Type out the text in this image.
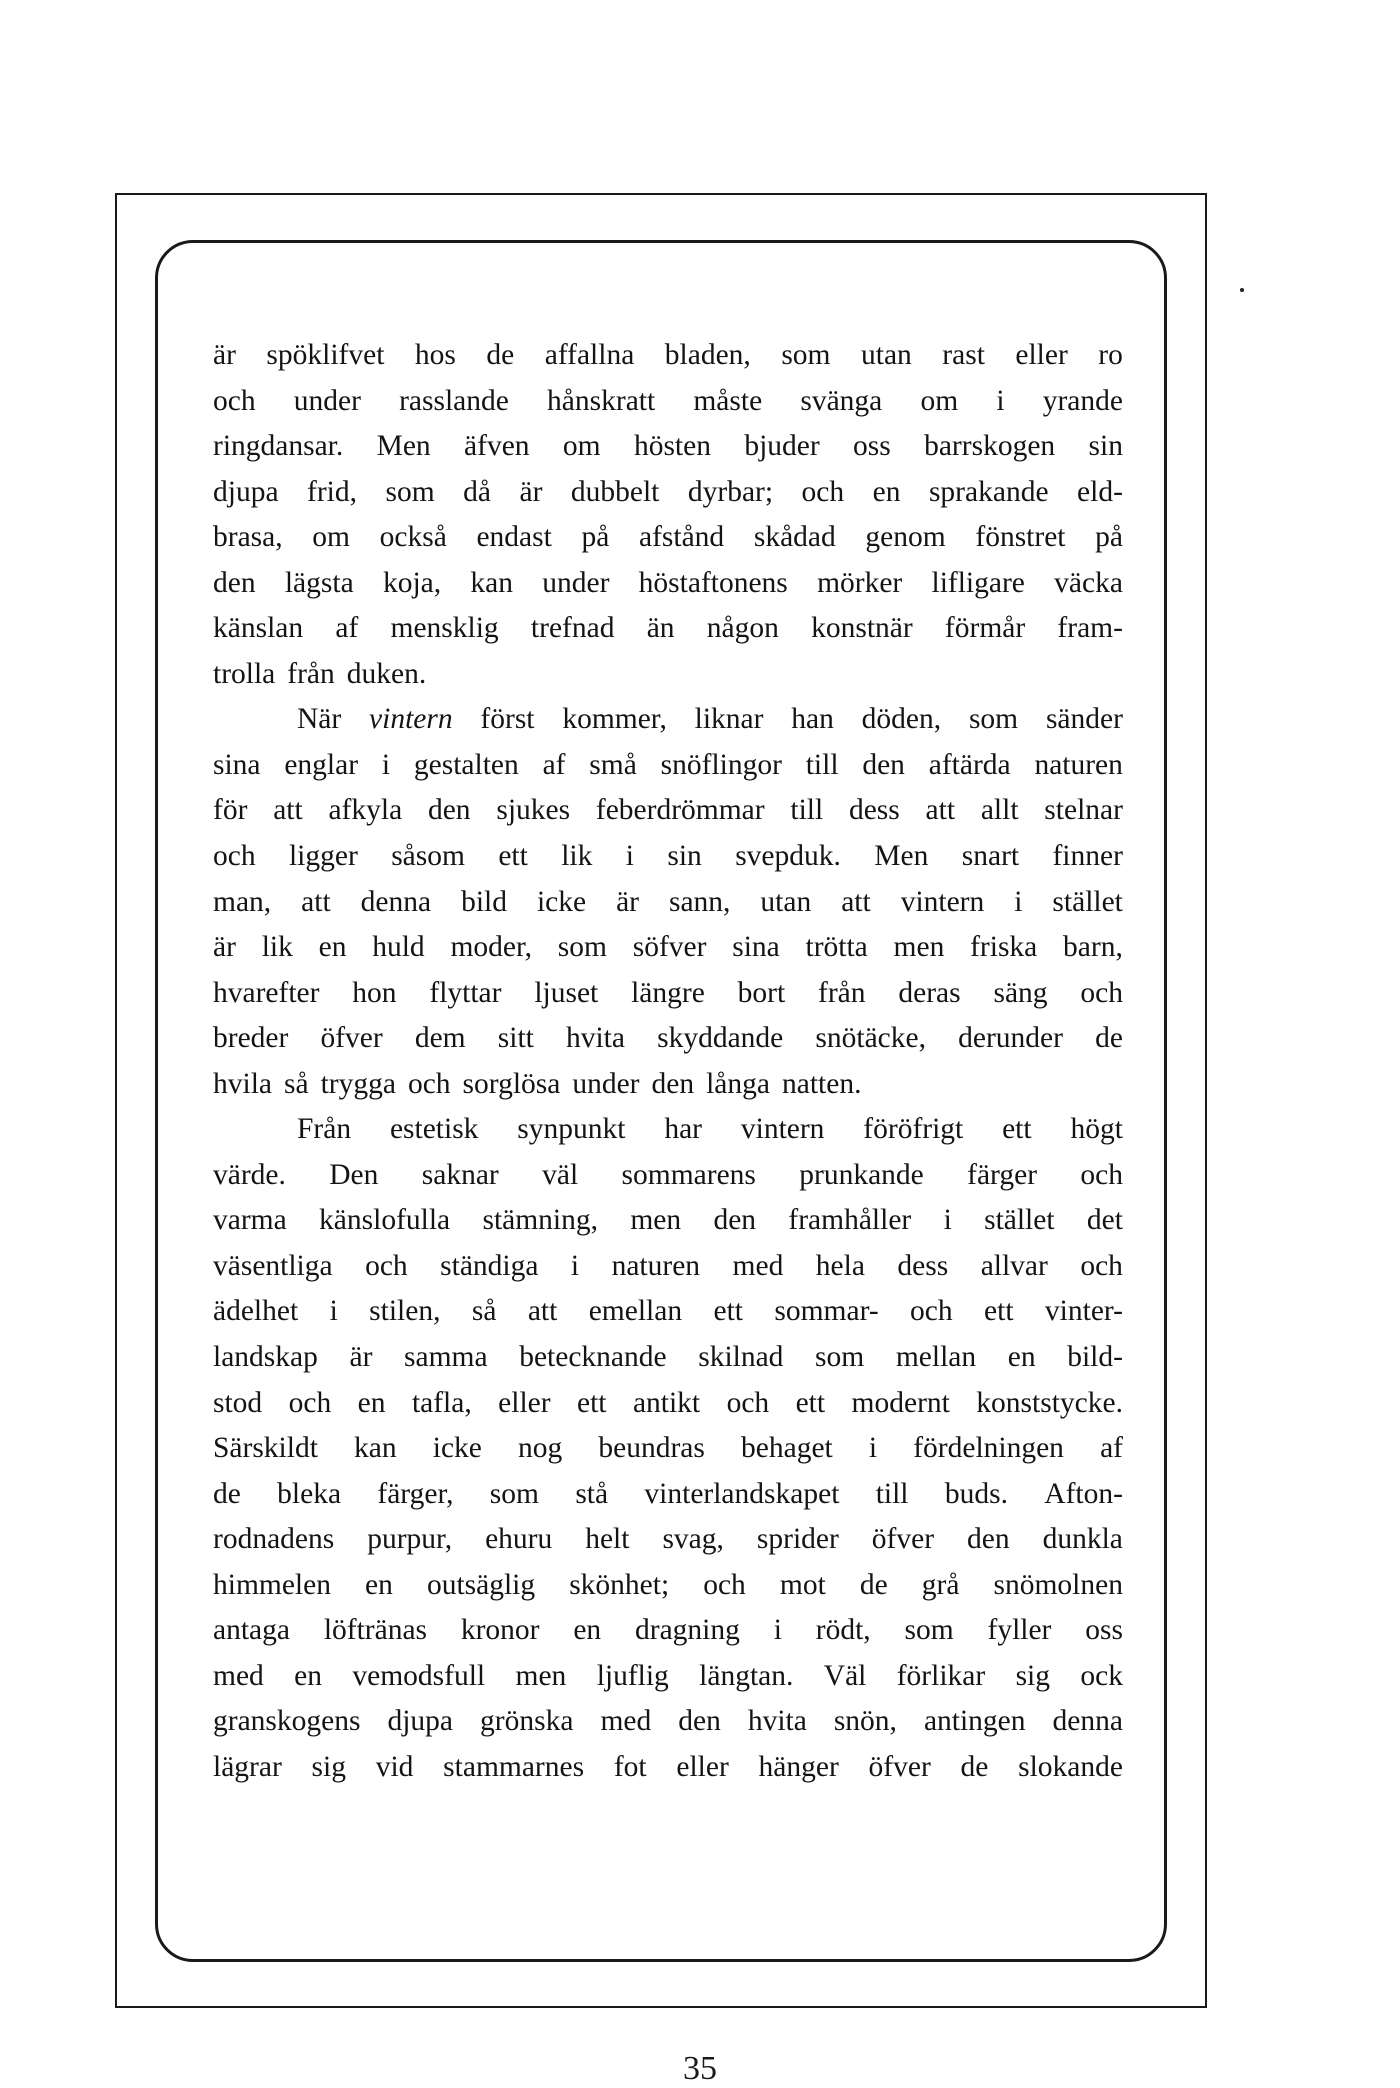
är spöklifvet hos de affallna bladen, som utan rast eller ro
och under rasslande hånskratt måste svänga om i yrande
ringdansar. Men äfven om hösten bjuder oss barrskogen sin
djupa frid, som då är dubbelt dyrbar; och en sprakande eld-
brasa, om också endast på afstånd skådad genom fönstret på
den lägsta koja, kan under höstaftonens mörker lifligare väcka
känslan af mensklig trefnad än någon konstnär förmår fram-
trolla från duken.
När vintern först kommer, liknar han döden, som sänder
sina englar i gestalten af små snöflingor till den aftärda naturen
för att afkyla den sjukes feberdrömmar till dess att allt stelnar
och ligger såsom ett lik i sin svepduk. Men snart finner
man, att denna bild icke är sann, utan att vintern i stället
är lik en huld moder, som söfver sina trötta men friska barn,
hvarefter hon flyttar ljuset längre bort från deras säng och
breder öfver dem sitt hvita skyddande snötäcke, derunder de
hvila så trygga och sorglösa under den långa natten.
Från estetisk synpunkt har vintern föröfrigt ett högt
värde. Den saknar väl sommarens prunkande färger och
varma känslofulla stämning, men den framhåller i stället det
väsentliga och ständiga i naturen med hela dess allvar och
ädelhet i stilen, så att emellan ett sommar- och ett vinter-
landskap är samma betecknande skilnad som mellan en bild-
stod och en tafla, eller ett antikt och ett modernt konststycke.
Särskildt kan icke nog beundras behaget i fördelningen af
de bleka färger, som stå vinterlandskapet till buds. Afton-
rodnadens purpur, ehuru helt svag, sprider öfver den dunkla
himmelen en outsäglig skönhet; och mot de grå snömolnen
antaga löftränas kronor en dragning i rödt, som fyller oss
med en vemodsfull men ljuflig längtan. Väl förlikar sig ock
granskogens djupa grönska med den hvita snön, antingen denna
lägrar sig vid stammarnes fot eller hänger öfver de slokande
35
